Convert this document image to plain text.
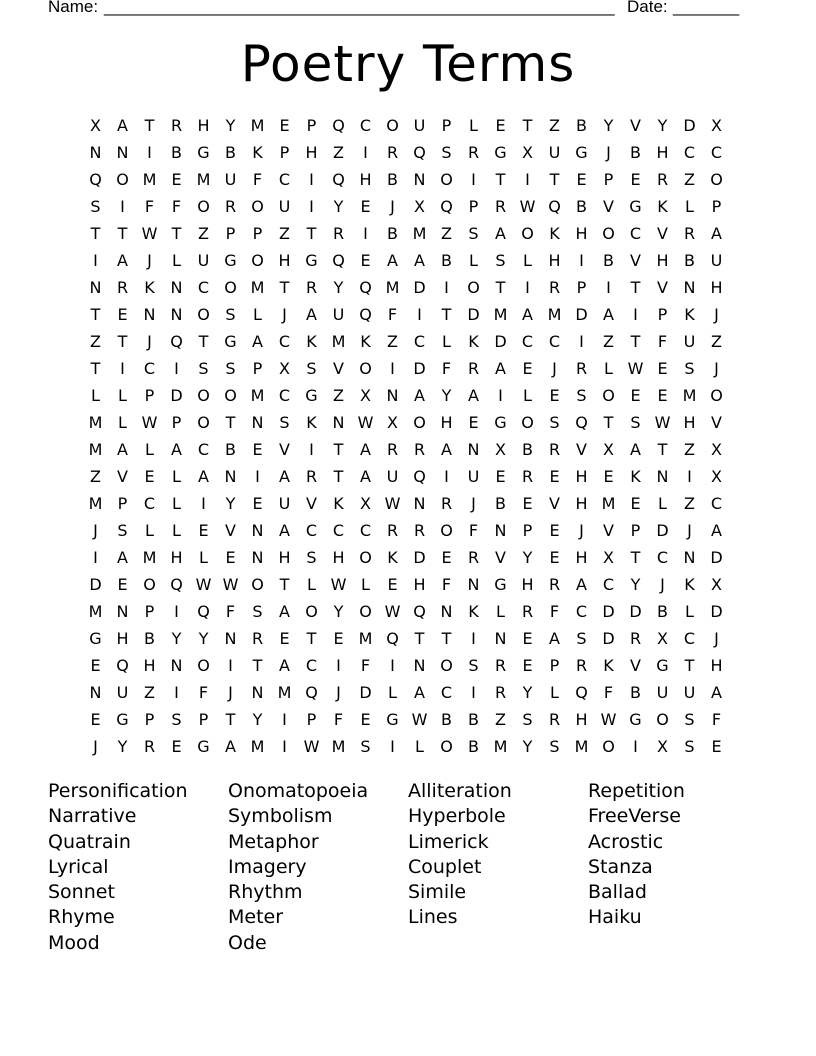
Name: ______________________________________________________ Date: _______
Poetry Terms
X	A	T	R H	Y M E	P Q C O U	P	L	E	T	Z	B	Y	V	Y D X
N N	I	B G B	K	P	H Z	I	R Q S	R G X U G	J	B H C C
Q O M E M U	F	C	I	Q H B N O	I	T	I	T	E	P	E	R Z O
S	I	F	F	O R O U	I	Y	E	J	X Q P	R W Q B	V G K	L	P
T	T W T	Z	P	P	Z	T	R	I	B M Z	S	A O K H O C V R A
I	A	J	L	U G O H G Q E	A	A	B	L	S	L	H	I	B	V H B U
N R	K N C O M T	R	Y Q M D	I	O T	I	R	P	I	T	V N H
T	E N N O S	L	J	A U Q	F	I	T D M A M D A	I	P	K	J
Z	T	J	Q T G A C	K M K	Z C	L	K D C C	I	Z	T	F	U Z
T	I	C	I	S	S	P	X	S	V O	I	D	F	R A	E	J	R	L W E	S	J
L	L	P	D O O M C G Z	X N A	Y	A	I	L	E	S O E	E M O
M L W P O T	N S	K N W X O H E G O S Q T	S W H V
M A	L	A C B	E	V	I	T	A R R A N X	B R V	X	A	T	Z	X
Z	V	E	L	A N	I	A R	T	A U Q	I	U	E	R	E H E	K N	I	X
M P	C	L	I	Y	E	U V	K	X W N R	J	B	E	V H M E	L	Z C
J	S	L	L	E	V N A C C C R R O	F	N	P	E	J	V	P	D	J	A
I	A M H	L	E N H S H O K D E	R V	Y	E H X	T	C N D
D E O Q W W O T	L W L	E H	F	N G H R A C	Y	J	K	X
M N	P	I	Q	F	S	A O Y O W Q N K	L	R	F	C D D B	L	D
G H B	Y	Y	N R	E	T	E M Q T	T	I	N E	A	S D R X C	J
E Q H N O	I	T	A C	I	F	I	N O S	R	E	P	R	K	V G T	H
N U Z	I	F	J	N M Q	J	D	L	A C	I	R	Y	L	Q	F	B U U A
E G P	S	P	T	Y	I	P	F	E G W B	B	Z	S	R H W G O S	F
J	Y	R	E G A M	I	W M S	I	L	O B M Y	S M O	I	X	S	E
Personification	Onomatopoeia	Alliteration	Repetition
Narrative	Symbolism	Hyperbole	FreeVerse
Quatrain	Metaphor	Limerick	Acrostic
Lyrical	Imagery	Couplet	Stanza
Sonnet	Rhythm	Simile	Ballad
Rhyme	Meter	Lines	Haiku
Mood	Ode
